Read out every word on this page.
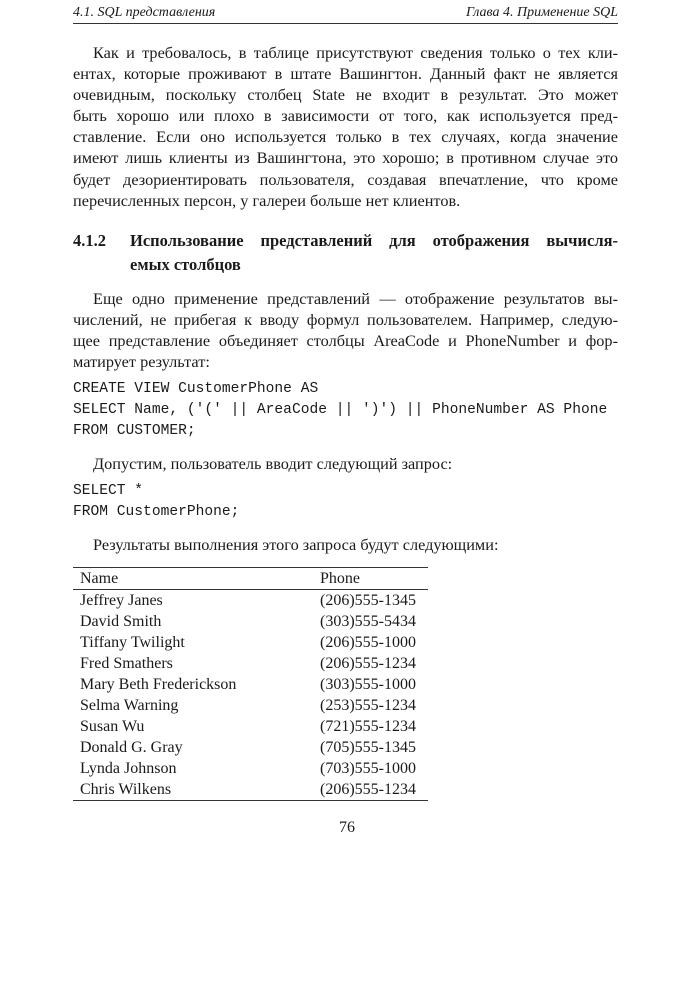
4.1. SQL представления	Глава 4. Применение SQL
Как и требовалось, в таблице присутствуют сведения только о тех кли-
ентах, которые проживают в штате Вашингтон. Данный факт не является
очевидным, поскольку столбец State не входит в результат. Это может
быть хорошо или плохо в зависимости от того, как используется пред-
ставление. Если оно используется только в тех случаях, когда значение
имеют лишь клиенты из Вашингтона, это хорошо; в противном случае это
будет дезориентировать пользователя, создавая впечатление, что кроме
перечисленных персон, у галереи больше нет клиентов.
4.1.2 Использование представлений для отображения вычисля-
емых столбцов
Еще одно применение представлений — отображение результатов вы-
числений, не прибегая к вводу формул пользователем. Например, следую-
щее представление объединяет столбцы AreaCode и PhoneNumber и фор-
матирует результат:
CREATE VIEW CustomerPhone AS
SELECT Name, ('(' || AreaCode || ')') || PhoneNumber AS Phone
FROM CUSTOMER;
Допустим, пользователь вводит следующий запрос:
SELECT *
FROM CustomerPhone;
Результаты выполнения этого запроса будут следующими:
Name	Phone
Jeffrey Janes	(206)555-1345
David Smith	(303)555-5434
Tiffany Twilight	(206)555-1000
Fred Smathers	(206)555-1234
Mary Beth Frederickson	(303)555-1000
Selma Warning	(253)555-1234
Susan Wu	(721)555-1234
Donald G. Gray	(705)555-1345
Lynda Johnson	(703)555-1000
Chris Wilkens	(206)555-1234
76
